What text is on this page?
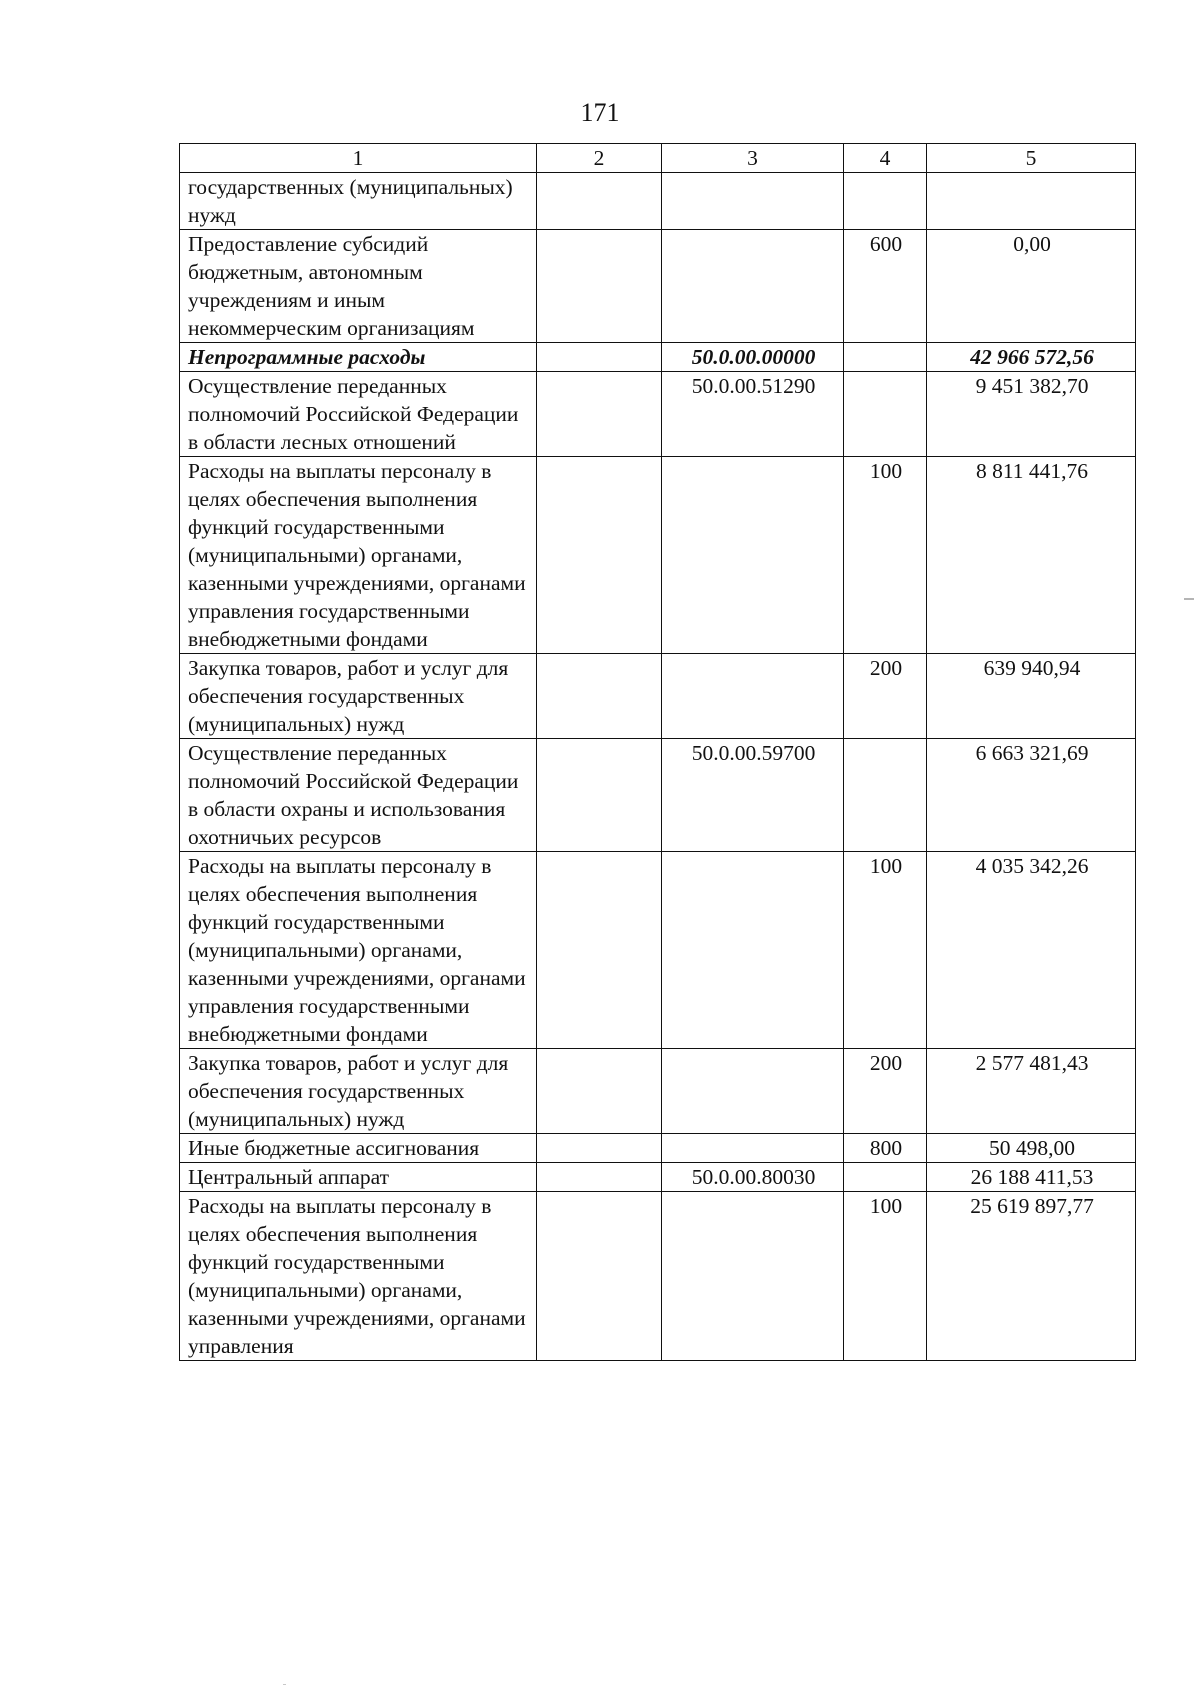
171
1	2	3	4	5
государственных (муниципальных) нужд				
Предоставление субсидий бюджетным, автономным учреждениям и иным некоммерческим организациям			600	0,00
Непрограммные расходы		50.0.00.00000		42 966 572,56
Осуществление переданных полномочий Российской Федерации в области лесных отношений		50.0.00.51290		9 451 382,70
Расходы на выплаты персоналу в целях обеспечения выполнения функций государственными (муниципальными) органами, казенными учреждениями, органами управления государственными внебюджетными фондами			100	8 811 441,76
Закупка товаров, работ и услуг для обеспечения государственных (муниципальных) нужд			200	639 940,94
Осуществление переданных полномочий Российской Федерации в области охраны и использования охотничьих ресурсов		50.0.00.59700		6 663 321,69
Расходы на выплаты персоналу в целях обеспечения выполнения функций государственными (муниципальными) органами, казенными учреждениями, органами управления государственными внебюджетными фондами			100	4 035 342,26
Закупка товаров, работ и услуг для обеспечения государственных (муниципальных) нужд			200	2 577 481,43
Иные бюджетные ассигнования			800	50 498,00
Центральный аппарат		50.0.00.80030		26 188 411,53
Расходы на выплаты персоналу в целях обеспечения выполнения функций государственными (муниципальными) органами, казенными учреждениями, органами управления			100	25 619 897,77
